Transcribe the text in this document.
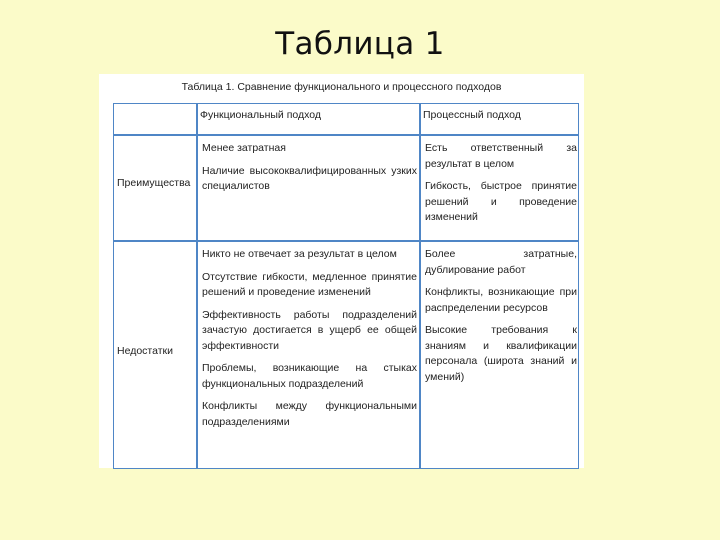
Таблица 1
Таблица 1. Сравнение функционального и процессного подходов
Функциональный подход	Процессный подход
Преимущества

Менее затратная

Наличие высококвалифицированных узких специалистов

Есть ответственный за результат в целом

Гибкость, быстрое принятие решений и проведение изменений

Недостатки

Никто не отвечает за результат в целом

Отсутствие гибкости, медленное принятие решений и проведение изменений

Эффективность работы подразделений зачастую достигается в ущерб ее общей эффективности

Проблемы, возникающие на стыках функциональных подразделений

Конфликты между функциональными подразделениями

Более затратные, дублирование работ

Конфликты, возникающие при распределении ресурсов

Высокие требования к знаниям и квалификации персонала (широта знаний и умений)
